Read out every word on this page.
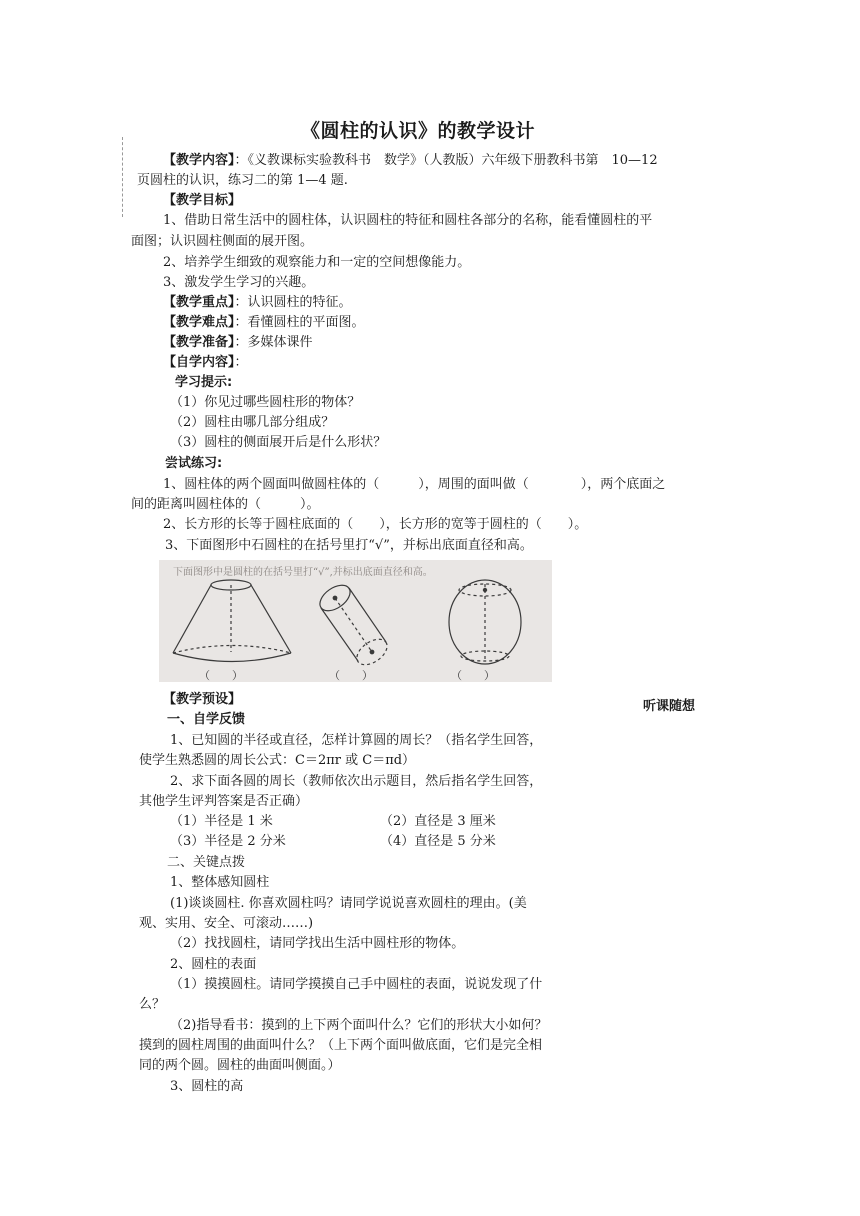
《圆柱的认识》的教学设计
【教学内容】：《义教课标实验教科书　数学》（人教版）六年级下册教科书第　10—12
页圆柱的认识，练习二的第 1—4 题.
【教学目标】
1、借助日常生活中的圆柱体，认识圆柱的特征和圆柱各部分的名称，能看懂圆柱的平
面图；认识圆柱侧面的展开图。
2、培养学生细致的观察能力和一定的空间想像能力。
3、激发学生学习的兴趣。
【教学重点】：认识圆柱的特征。
【教学难点】：看懂圆柱的平面图。
【教学准备】：多媒体课件
【自学内容】：
学习提示:
（1）你见过哪些圆柱形的物体？
（2）圆柱由哪几部分组成？
（3）圆柱的侧面展开后是什么形状？
尝试练习:
1、圆柱体的两个圆面叫做圆柱体的（　　　），周围的面叫做（　　　　），两个底面之
间的距离叫圆柱体的（　　　）。
2、长方形的长等于圆柱底面的（　　），长方形的宽等于圆柱的（　　）。
3、下面图形中石圆柱的在括号里打“√”，并标出底面直径和高。
下面图形中是圆柱的在括号里打“√”,并标出底面直径和高。
（　　）	（　　）	（　　）
【教学预设】	听课随想
一、自学反馈
1、已知圆的半径或直径，怎样计算圆的周长？（指名学生回答，
使学生熟悉圆的周长公式：C＝2πr 或 C＝πd）
2、求下面各圆的周长（教师依次出示题目，然后指名学生回答，
其他学生评判答案是否正确）
（1）半径是 1 米	（2）直径是 3 厘米
（3）半径是 2 分米	（4）直径是 5 分米
二、关键点拨
1、整体感知圆柱
(1)谈谈圆柱. 你喜欢圆柱吗？请同学说说喜欢圆柱的理由。(美
观、实用、安全、可滚动……)
（2）找找圆柱，请同学找出生活中圆柱形的物体。
2、圆柱的表面
（1）摸摸圆柱。请同学摸摸自己手中圆柱的表面，说说发现了什
么？
（2)指导看书：摸到的上下两个面叫什么？它们的形状大小如何？
摸到的圆柱周围的曲面叫什么？（上下两个面叫做底面，它们是完全相
同的两个圆。圆柱的曲面叫侧面。）
3、圆柱的高
